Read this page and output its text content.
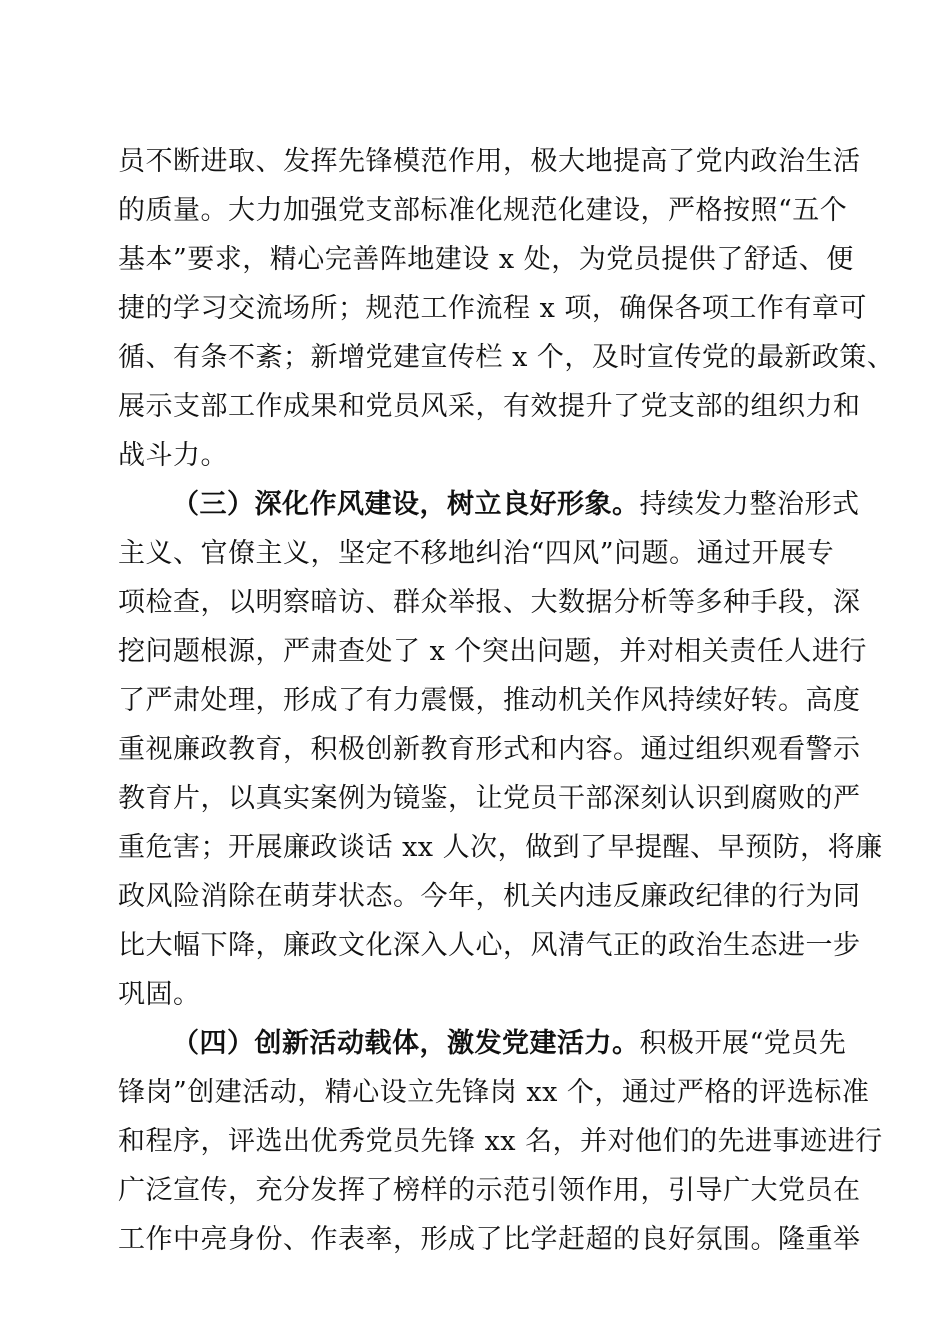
员不断进取、发挥先锋模范作用，极大地提高了党内政治生活
的质量。大力加强党支部标准化规范化建设，严格按照“五个
基本”要求，精心完善阵地建设 x 处，为党员提供了舒适、便
捷的学习交流场所；规范工作流程 x 项，确保各项工作有章可
循、有条不紊；新增党建宣传栏 x 个，及时宣传党的最新政策、
展示支部工作成果和党员风采，有效提升了党支部的组织力和
战斗力。
（三）深化作风建设，树立良好形象。持续发力整治形式
主义、官僚主义，坚定不移地纠治“四风”问题。通过开展专
项检查，以明察暗访、群众举报、大数据分析等多种手段，深
挖问题根源，严肃查处了 x 个突出问题，并对相关责任人进行
了严肃处理，形成了有力震慑，推动机关作风持续好转。高度
重视廉政教育，积极创新教育形式和内容。通过组织观看警示
教育片，以真实案例为镜鉴，让党员干部深刻认识到腐败的严
重危害；开展廉政谈话 xx 人次，做到了早提醒、早预防，将廉
政风险消除在萌芽状态。今年，机关内违反廉政纪律的行为同
比大幅下降，廉政文化深入人心，风清气正的政治生态进一步
巩固。
（四）创新活动载体，激发党建活力。积极开展“党员先
锋岗”创建活动，精心设立先锋岗 xx 个，通过严格的评选标准
和程序，评选出优秀党员先锋 xx 名，并对他们的先进事迹进行
广泛宣传，充分发挥了榜样的示范引领作用，引导广大党员在
工作中亮身份、作表率，形成了比学赶超的良好氛围。隆重举
